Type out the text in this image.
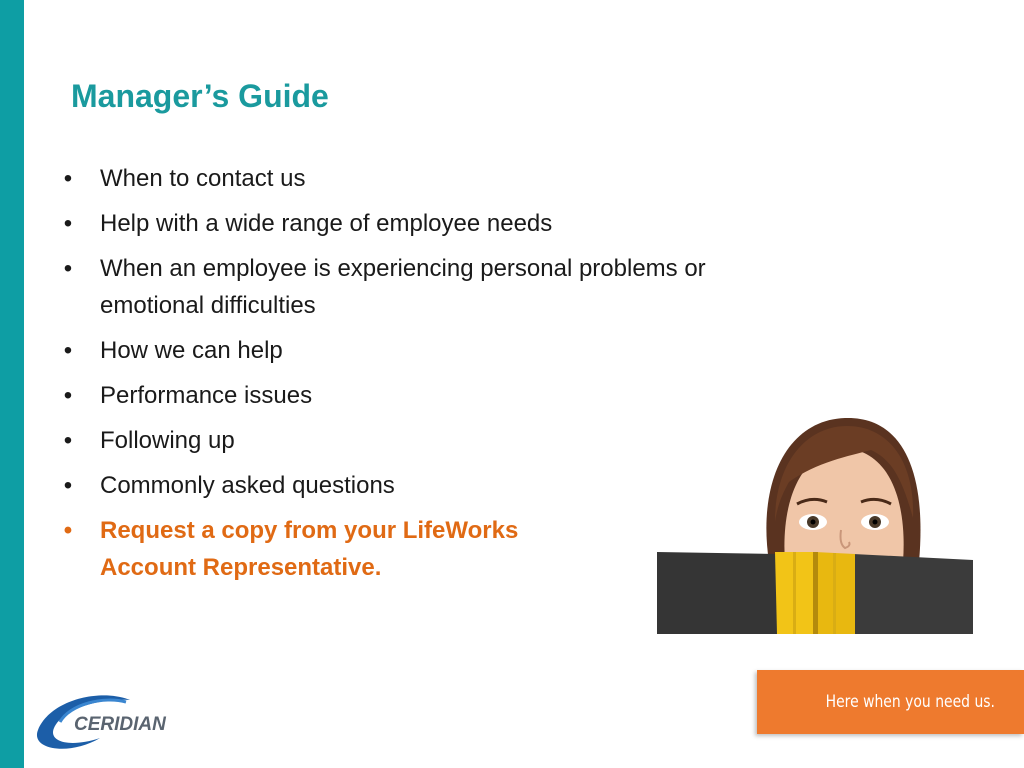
Manager’s Guide
• When to contact us
• Help with a wide range of employee needs
• When an employee is experiencing personal problems or
emotional difficulties
• How we can help
• Performance issues
• Following up
• Commonly asked questions
• Request a copy from your LifeWorks
Account Representative.
CERIDIAN
Here when you need us.
